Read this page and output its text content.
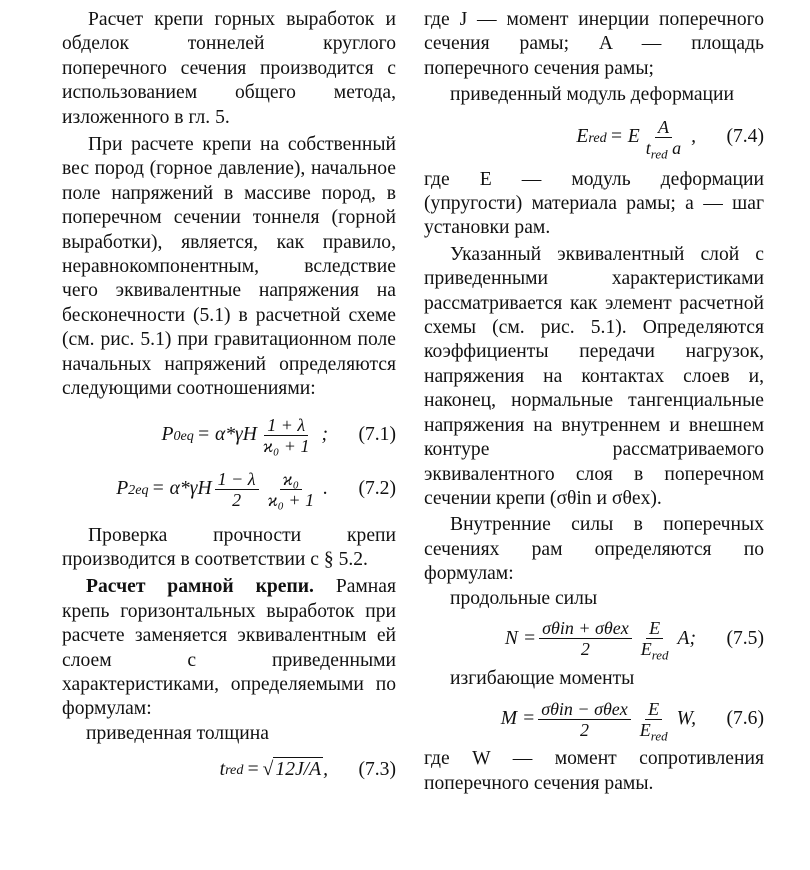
Расчет крепи горных выработок и обделок тоннелей круглого поперечного сечения производится с использованием общего метода, изложенного в гл. 5.

При расчете крепи на собственный вес пород (горное давление), начальное поле напряжений в массиве пород, в поперечном сечении тоннеля (горной выработки), является, как правило, неравнокомпонентным, вследствие чего эквивалентные напряжения на бесконечности (5.1) в расчетной схеме (см. рис. 5.1) при гравитационном поле начальных напряжений определяются следующими соотношениями:

P $0eq = \alpha*\gamma H \frac{1 + \lambda}{\text{ϰ₀ + 1}}$ ;	(7.1)
P $2eq = \alpha*\gamma H \frac{1 - \lambda}{2} \frac{\text{ϰ₀}}{\text{ϰ₀ + 1}}$ .	(7.2)

Проверка прочности крепи производится в соответствии с § 5.2.

Расчет рамной крепи. Рамная крепь горизонтальных выработок при расчете заменяется эквивалентным ей слоем с приведенными характеристиками, определяемыми по формулам:

приведенная толщина

t red = √ 12J/A ,	(7.3)

где J — момент инерции поперечного сечения рамы; A — площадь поперечного сечения рамы;

приведенный модуль деформации

E red = E $\frac{A}{t_{red} a}$ ,	(7.4)

где E — модуль деформации (упругости) материала рамы; a — шаг установки рам.

Указанный эквивалентный слой с приведенными характеристиками рассматривается как элемент расчетной схемы (см. рис. 5.1). Определяются коэффициенты передачи нагрузок, напряжения на контактах слоев и, наконец, нормальные тангенциальные напряжения на внутреннем и внешнем контуре рассматриваемого эквивалентного слоя в поперечном сечении крепи (σθin и σθex).

Внутренние силы в поперечных сечениях рам определяются по формулам:

продольные силы

$N = \frac{\text{σθin + σθex}}{2} \frac{E}{E_{red}} A$;	(7.5)

изгибающие моменты

$M = \frac{\text{σθin − σθex}}{2} \frac{E}{E_{red}} W$,	(7.6)

где W — момент сопротивления поперечного сечения рамы.
